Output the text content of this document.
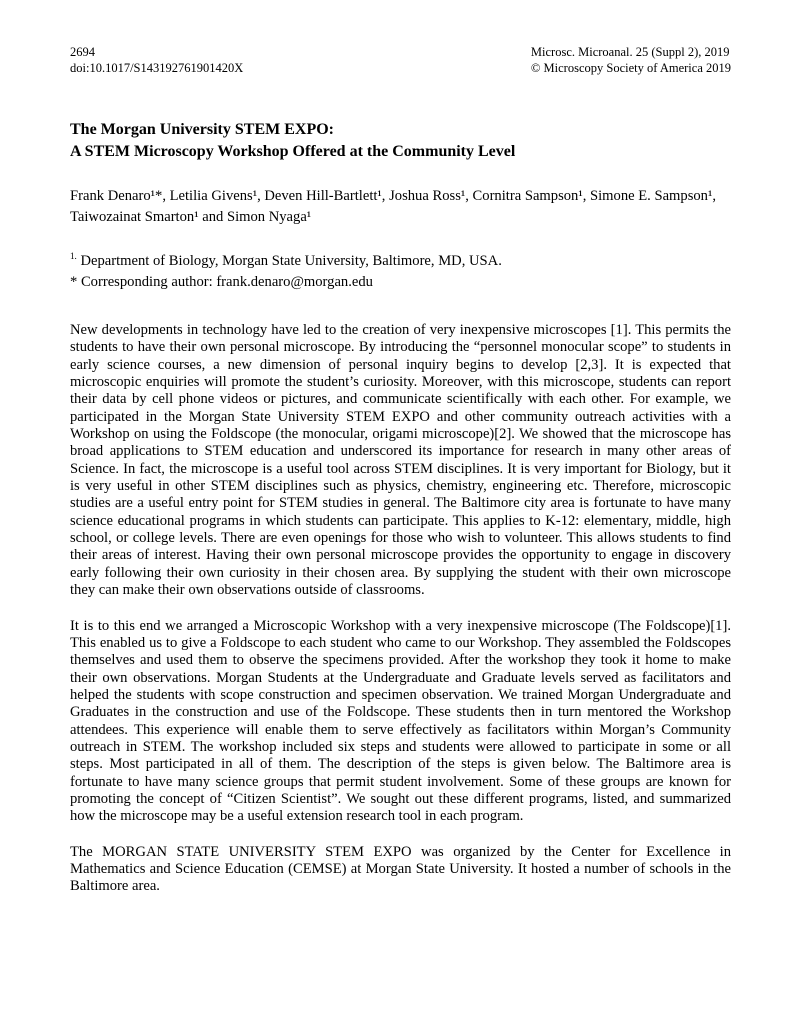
2694
doi:10.1017/S143192761901420X
Microsc. Microanal. 25 (Suppl 2), 2019
© Microscopy Society of America 2019
The Morgan University STEM EXPO:
A STEM Microscopy Workshop Offered at the Community Level

Frank Denaro¹*, Letilia Givens¹, Deven Hill-Bartlett¹, Joshua Ross¹, Cornitra Sampson¹, Simone E. Sampson¹, Taiwozainat Smarton¹ and Simon Nyaga¹

$^{1.}$ Department of Biology, Morgan State University, Baltimore, MD, USA.

* Corresponding author: frank.denaro@morgan.edu

New developments in technology have led to the creation of very inexpensive microscopes [1]. This permits the students to have their own personal microscope. By introducing the “personnel monocular scope” to students in early science courses, a new dimension of personal inquiry begins to develop [2,3]. It is expected that microscopic enquiries will promote the student’s curiosity. Moreover, with this microscope, students can report their data by cell phone videos or pictures, and communicate scientifically with each other. For example, we participated in the Morgan State University STEM EXPO and other community outreach activities with a Workshop on using the Foldscope (the monocular, origami microscope)[2]. We showed that the microscope has broad applications to STEM education and underscored its importance for research in many other areas of Science. In fact, the microscope is a useful tool across STEM disciplines. It is very important for Biology, but it is very useful in other STEM disciplines such as physics, chemistry, engineering etc. Therefore, microscopic studies are a useful entry point for STEM studies in general. The Baltimore city area is fortunate to have many science educational programs in which students can participate. This applies to K-12: elementary, middle, high school, or college levels. There are even openings for those who wish to volunteer. This allows students to find their areas of interest. Having their own personal microscope provides the opportunity to engage in discovery early following their own curiosity in their chosen area. By supplying the student with their own microscope they can make their own observations outside of classrooms.

It is to this end we arranged a Microscopic Workshop with a very inexpensive microscope (The Foldscope)[1]. This enabled us to give a Foldscope to each student who came to our Workshop. They assembled the Foldscopes themselves and used them to observe the specimens provided. After the workshop they took it home to make their own observations. Morgan Students at the Undergraduate and Graduate levels served as facilitators and helped the students with scope construction and specimen observation. We trained Morgan Undergraduate and Graduates in the construction and use of the Foldscope. These students then in turn mentored the Workshop attendees. This experience will enable them to serve effectively as facilitators within Morgan’s Community outreach in STEM. The workshop included six steps and students were allowed to participate in some or all steps. Most participated in all of them. The description of the steps is given below. The Baltimore area is fortunate to have many science groups that permit student involvement. Some of these groups are known for promoting the concept of “Citizen Scientist”. We sought out these different programs, listed, and summarized how the microscope may be a useful extension research tool in each program.

The MORGAN STATE UNIVERSITY STEM EXPO was organized by the Center for Excellence in Mathematics and Science Education (CEMSE) at Morgan State University. It hosted a number of schools in the Baltimore area.
